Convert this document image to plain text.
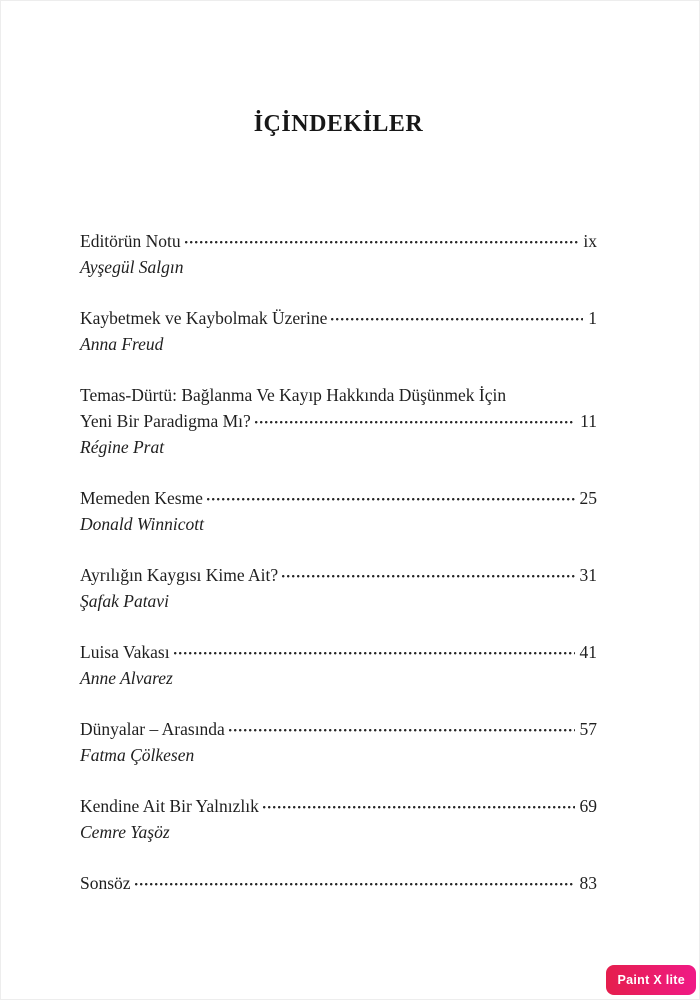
İÇİNDEKİLER
Editörün Notu	ix
Ayşegül Salgın
Kaybetmek ve Kaybolmak Üzerine	1
Anna Freud
Temas-Dürtü: Bağlanma Ve Kayıp Hakkında Düşünmek İçin
Yeni Bir Paradigma Mı?	11
Régine Prat
Memeden Kesme	25
Donald Winnicott
Ayrılığın Kaygısı Kime Ait?	31
Şafak Patavi
Luisa Vakası	41
Anne Alvarez
Dünyalar – Arasında	57
Fatma Çölkesen
Kendine Ait Bir Yalnızlık	69
Cemre Yaşöz
Sonsöz	83
Paint X lite
